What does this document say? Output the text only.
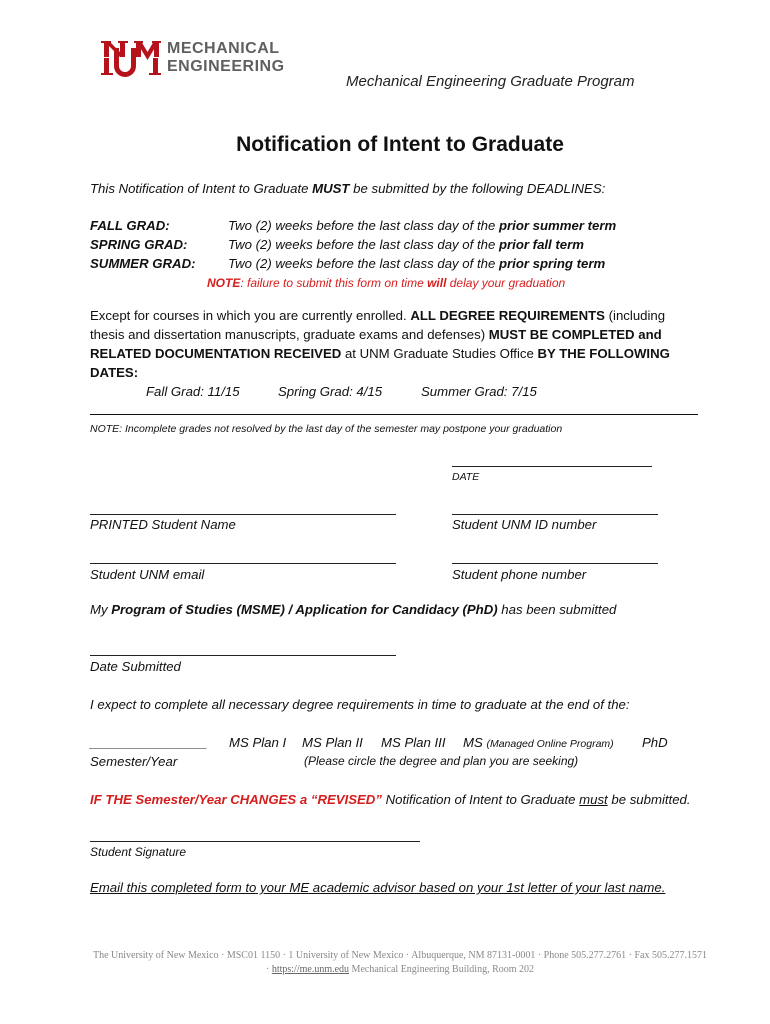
MECHANICAL
ENGINEERING
Mechanical Engineering Graduate Program
Notification of Intent to Graduate
This Notification of Intent to Graduate MUST be submitted by the following DEADLINES:
FALL GRAD:	Two (2) weeks before the last class day of the prior summer term
SPRING GRAD:	Two (2) weeks before the last class day of the prior fall term
SUMMER GRAD: Two (2) weeks before the last class day of the prior spring term
NOTE: failure to submit this form on time will delay your graduation
Except for courses in which you are currently enrolled. ALL DEGREE REQUIREMENTS (including
thesis and dissertation manuscripts, graduate exams and defenses) MUST BE COMPLETED and
RELATED DOCUMENTATION RECEIVED at UNM Graduate Studies Office BY THE FOLLOWING
DATES:
Fall Grad: 11/15	Spring Grad: 4/15	Summer Grad: 7/15
NOTE: Incomplete grades not resolved by the last day of the semester may postpone your graduation
DATE
PRINTED Student Name	Student UNM ID number
Student UNM email	Student phone number
My Program of Studies (MSME) / Application for Candidacy (PhD) has been submitted
Date Submitted
I expect to complete all necessary degree requirements in time to graduate at the end of the:
________________ MS Plan I MS Plan II MS Plan III MS (Managed Online Program) PhD
Semester/Year	(Please circle the degree and plan you are seeking)
IF THE Semester/Year CHANGES a “REVISED” Notification of Intent to Graduate must be submitted.
Student Signature
Email this completed form to your ME academic advisor based on your 1st letter of your last name.
The University of New Mexico · MSC01 1150 · 1 University of New Mexico · Albuquerque, NM 87131-0001 · Phone 505.277.2761 · Fax 505.277.1571
· https://me.unm.edu Mechanical Engineering Building, Room 202
